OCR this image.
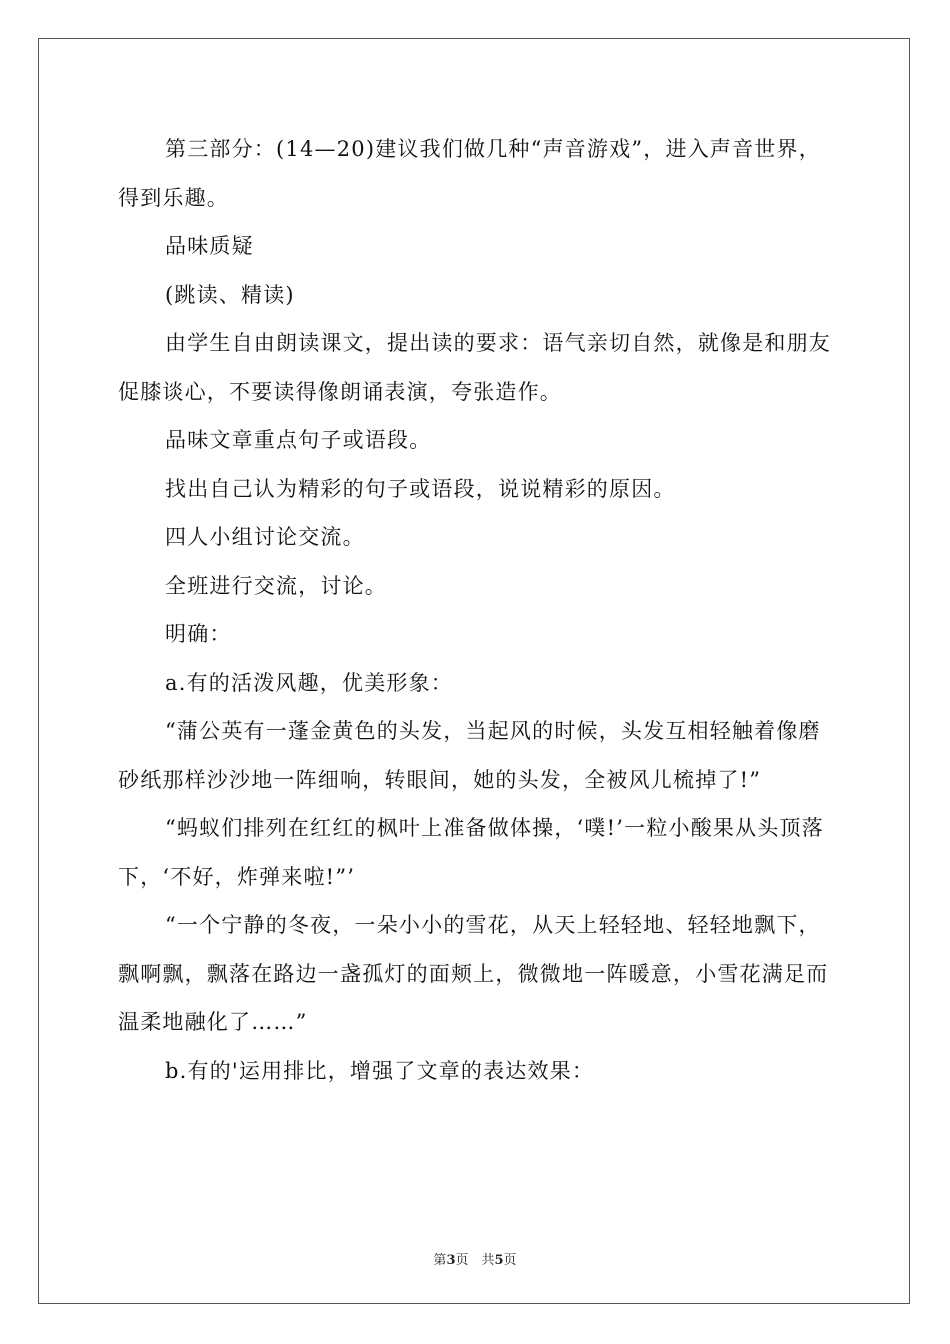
第三部分：(14—20)建议我们做几种“声音游戏”，进入声音世界，得到乐趣。

品味质疑

(跳读、精读)

由学生自由朗读课文，提出读的要求：语气亲切自然，就像是和朋友促膝谈心，不要读得像朗诵表演，夸张造作。

品味文章重点句子或语段。

找出自己认为精彩的句子或语段，说说精彩的原因。

四人小组讨论交流。

全班进行交流，讨论。

明确：

a.有的活泼风趣，优美形象：

“蒲公英有一蓬金黄色的头发，当起风的时候，头发互相轻触着像磨砂纸那样沙沙地一阵细响，转眼间，她的头发，全被风儿梳掉了!”

“蚂蚁们排列在红红的枫叶上准备做体操，‘噗!’一粒小酸果从头顶落下，‘不好，炸弹来啦!”’

“一个宁静的冬夜，一朵小小的雪花，从天上轻轻地、轻轻地飘下，飘啊飘，飘落在路边一盏孤灯的面颊上，微微地一阵暖意，小雪花满足而温柔地融化了……”

b.有的'运用排比，增强了文章的表达效果：

第3页　共5页
